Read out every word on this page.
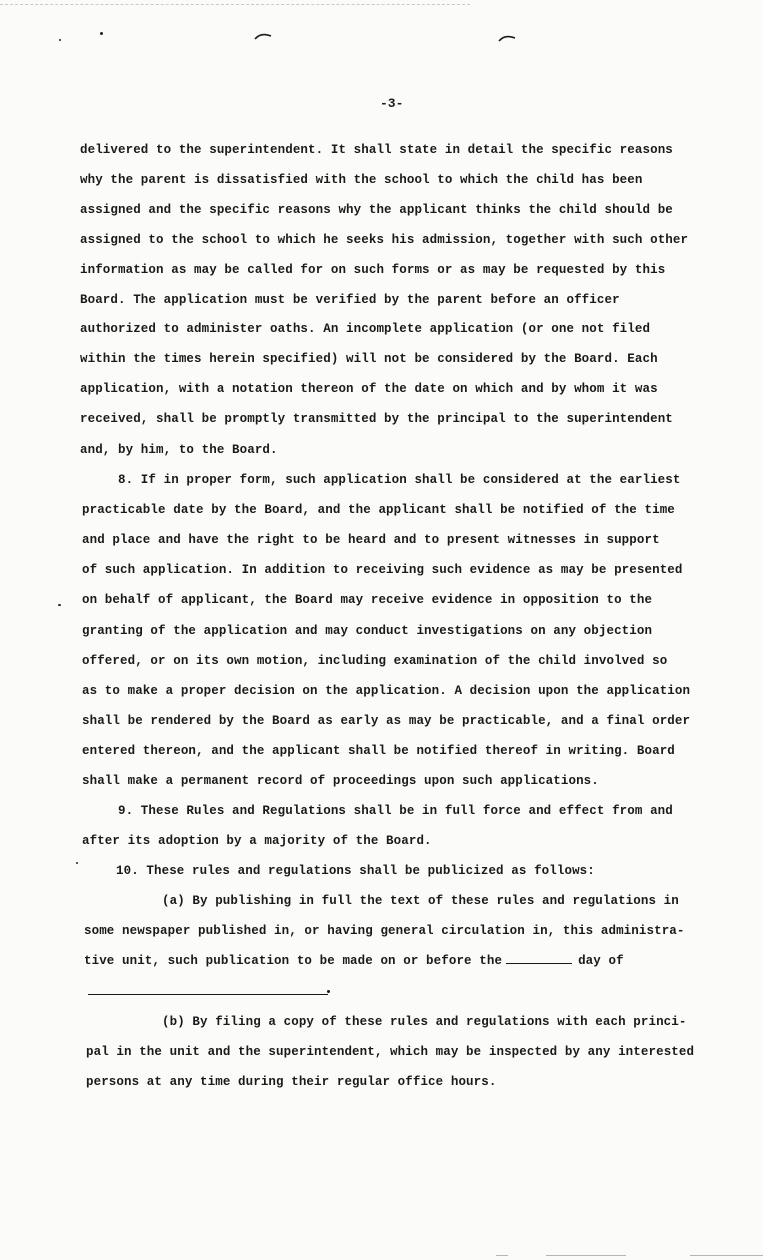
-3-
delivered to the superintendent. It shall state in detail the specific reasons
why the parent is dissatisfied with the school to which the child has been
assigned and the specific reasons why the applicant thinks the child should be
assigned to the school to which he seeks his admission, together with such other
information as may be called for on such forms or as may be requested by this
Board. The application must be verified by the parent before an officer
authorized to administer oaths. An incomplete application (or one not filed
within the times herein specified) will not be considered by the Board. Each
application, with a notation thereon of the date on which and by whom it was
received, shall be promptly transmitted by the principal to the superintendent
and, by him, to the Board.
8. If in proper form, such application shall be considered at the earliest
practicable date by the Board, and the applicant shall be notified of the time
and place and have the right to be heard and to present witnesses in support
of such application. In addition to receiving such evidence as may be presented
on behalf of applicant, the Board may receive evidence in opposition to the
granting of the application and may conduct investigations on any objection
offered, or on its own motion, including examination of the child involved so
as to make a proper decision on the application. A decision upon the application
shall be rendered by the Board as early as may be practicable, and a final order
entered thereon, and the applicant shall be notified thereof in writing. Board
shall make a permanent record of proceedings upon such applications.
9. These Rules and Regulations shall be in full force and effect from and
after its adoption by a majority of the Board.
10. These rules and regulations shall be publicized as follows:
(a) By publishing in full the text of these rules and regulations in
some newspaper published in, or having general circulation in, this administra-
tive unit, such publication to be made on or before the	day of
(b) By filing a copy of these rules and regulations with each princi-
pal in the unit and the superintendent, which may be inspected by any interested
persons at any time during their regular office hours.
